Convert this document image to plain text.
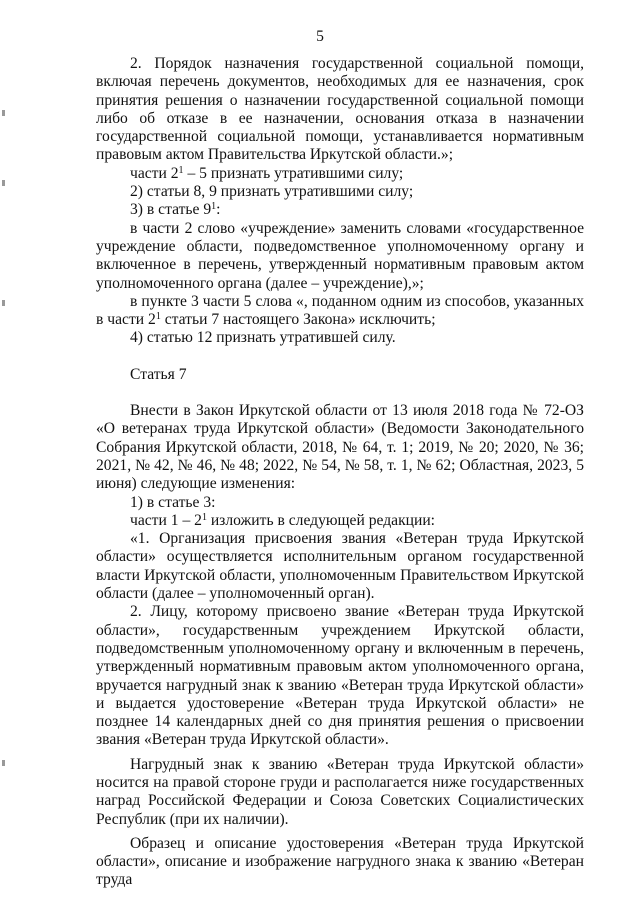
5

2. Порядок назначения государственной социальной помощи, включая перечень документов, необходимых для ее назначения, срок принятия решения о назначении государственной социальной помощи либо об отказе в ее назначении, основания отказа в назначении государственной социальной помощи, устанавливается нормативным правовым актом Правительства Иркутской области.»;

части $2^1 - 5$ признать утратившими силу;

2) статьи 8, 9 признать утратившими силу;

3) в статье $9^1$:

в части 2 слово «учреждение» заменить словами «государственное учреждение области, подведомственное уполномоченному органу и включенное в перечень, утвержденный нормативным правовым актом уполномоченного органа (далее – учреждение),»;

в пункте 3 части 5 слова «, поданном одним из способов, указанных в части $2^1$ статьи 7 настоящего Закона» исключить;

4) статью 12 признать утратившей силу.

Статья 7

Внести в Закон Иркутской области от 13 июля 2018 года № 72-ОЗ «О ветеранах труда Иркутской области» (Ведомости Законодательного Собрания Иркутской области, 2018, № 64, т. 1; 2019, № 20; 2020, № 36; 2021, № 42, № 46, № 48; 2022, № 54, № 58, т. 1, № 62; Областная, 2023, 5 июня) следующие изменения:

1) в статье 3:

части $1 - 2^1$ изложить в следующей редакции:

«1. Организация присвоения звания «Ветеран труда Иркутской области» осуществляется исполнительным органом государственной власти Иркутской области, уполномоченным Правительством Иркутской области (далее – уполномоченный орган).

2. Лицу, которому присвоено звание «Ветеран труда Иркутской области», государственным учреждением Иркутской области, подведомственным уполномоченному органу и включенным в перечень, утвержденный нормативным правовым актом уполномоченного органа, вручается нагрудный знак к званию «Ветеран труда Иркутской области» и выдается удостоверение «Ветеран труда Иркутской области» не позднее 14 календарных дней со дня принятия решения о присвоении звания «Ветеран труда Иркутской области».

Нагрудный знак к званию «Ветеран труда Иркутской области» носится на правой стороне груди и располагается ниже государственных наград Российской Федерации и Союза Советских Социалистических Республик (при их наличии).

Образец и описание удостоверения «Ветеран труда Иркутской области», описание и изображение нагрудного знака к званию «Ветеран труда
